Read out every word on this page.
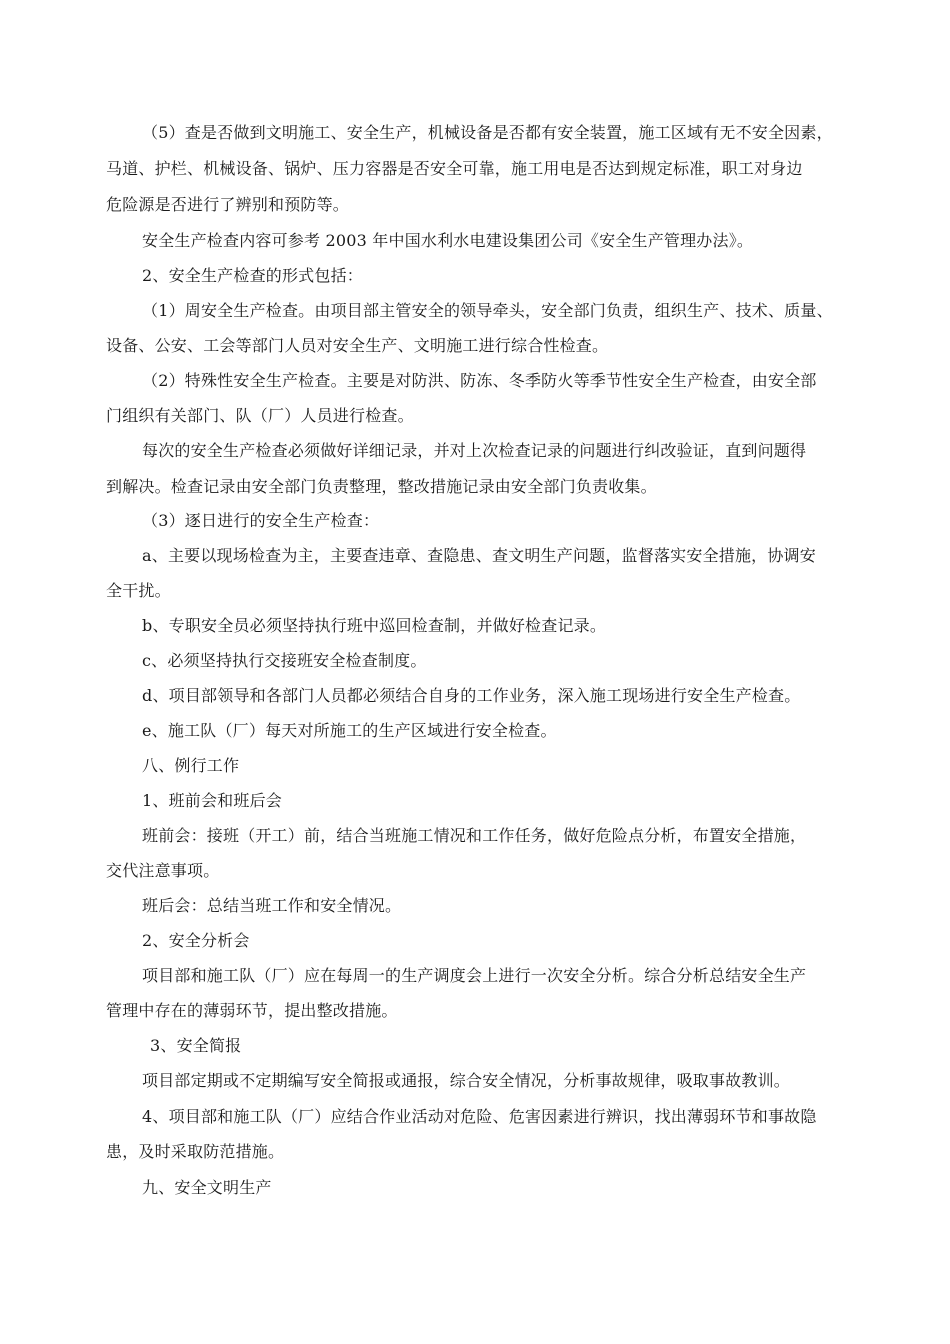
（5）查是否做到文明施工、安全生产，机械设备是否都有安全装置，施工区域有无不安全因素，
马道、护栏、机械设备、锅炉、压力容器是否安全可靠，施工用电是否达到规定标准，职工对身边
危险源是否进行了辨别和预防等。
安全生产检查内容可参考 2003 年中国水利水电建设集团公司《安全生产管理办法》。
2、安全生产检查的形式包括：
（1）周安全生产检查。由项目部主管安全的领导牵头，安全部门负责，组织生产、技术、质量、
设备、公安、工会等部门人员对安全生产、文明施工进行综合性检查。
（2）特殊性安全生产检查。主要是对防洪、防冻、冬季防火等季节性安全生产检查，由安全部
门组织有关部门、队（厂）人员进行检查。
每次的安全生产检查必须做好详细记录，并对上次检查记录的问题进行纠改验证，直到问题得
到解决。检查记录由安全部门负责整理，整改措施记录由安全部门负责收集。
（3）逐日进行的安全生产检查：
a、主要以现场检查为主，主要查违章、查隐患、查文明生产问题，监督落实安全措施，协调安
全干扰。
b、专职安全员必须坚持执行班中巡回检查制，并做好检查记录。
c、必须坚持执行交接班安全检查制度。
d、项目部领导和各部门人员都必须结合自身的工作业务，深入施工现场进行安全生产检查。
e、施工队（厂）每天对所施工的生产区域进行安全检查。
八、例行工作
1、班前会和班后会
班前会：接班（开工）前，结合当班施工情况和工作任务，做好危险点分析，布置安全措施，
交代注意事项。
班后会：总结当班工作和安全情况。
2、安全分析会
项目部和施工队（厂）应在每周一的生产调度会上进行一次安全分析。综合分析总结安全生产
管理中存在的薄弱环节，提出整改措施。
3、安全简报
项目部定期或不定期编写安全简报或通报，综合安全情况，分析事故规律，吸取事故教训。
4、项目部和施工队（厂）应结合作业活动对危险、危害因素进行辨识，找出薄弱环节和事故隐
患，及时采取防范措施。
九、安全文明生产
